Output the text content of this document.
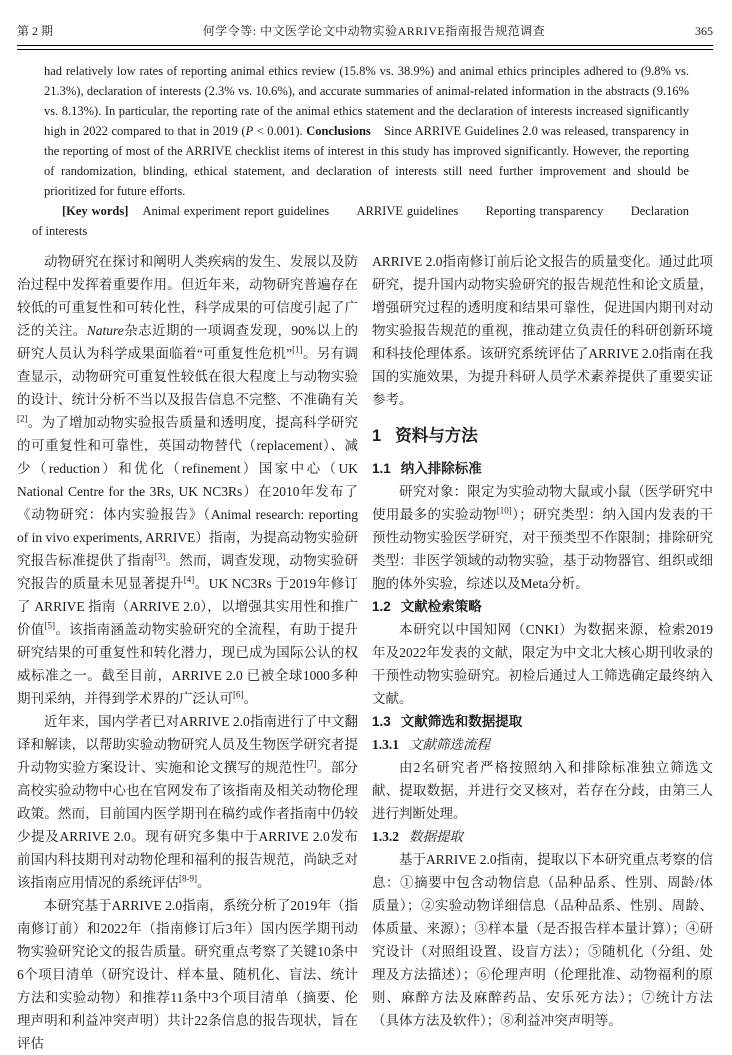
第 2 期	何学令等: 中文医学论文中动物实验ARRIVE指南报告规范调查	365

had relatively low rates of reporting animal ethics review (15.8% vs. 38.9%) and animal ethics principles adhered to (9.8% vs. 21.3%), declaration of interests (2.3% vs. 10.6%), and accurate summaries of animal-related information in the abstracts (9.16% vs. 8.13%). In particular, the reporting rate of the animal ethics statement and the declaration of interests increased significantly high in 2022 compared to that in 2019 (P < 0.001). Conclusions　Since ARRIVE Guidelines 2.0 was released, transparency in the reporting of most of the ARRIVE checklist items of interest in this study has improved significantly. However, the reporting of randomization, blinding, ethical statement, and declaration of interests still need further improvement and should be prioritized for future efforts.

[Key words]　Animal experiment report guidelines　　ARRIVE guidelines　　Reporting transparency　　Declaration of interests

动物研究在探讨和阐明人类疾病的发生、发展以及防治过程中发挥着重要作用。但近年来，动物研究普遍存在较低的可重复性和可转化性，科学成果的可信度引起了广泛的关注。Nature杂志近期的一项调查发现，90%以上的研究人员认为科学成果面临着“可重复性危机”[1]。另有调查显示，动物研究可重复性较低在很大程度上与动物实验的设计、统计分析不当以及报告信息不完整、不准确有关[2]。为了增加动物实验报告质量和透明度，提高科学研究的可重复性和可靠性，英国动物替代（replacement）、减少（reduction）和优化（refinement）国家中心（UK National Centre for the 3Rs, UK NC3Rs）在2010年发布了《动物研究：体内实验报告》（Animal research: reporting of in vivo experiments, ARRIVE）指南，为提高动物实验研究报告标准提供了指南[3]。然而，调查发现，动物实验研究报告的质量未见显著提升[4]。UK NC3Rs 于2019年修订了 ARRIVE 指南（ARRIVE 2.0），以增强其实用性和推广价值[5]。该指南涵盖动物实验研究的全流程，有助于提升研究结果的可重复性和转化潜力，现已成为国际公认的权威标准之一。截至目前，ARRIVE 2.0 已被全球1000多种期刊采纳，并得到学术界的广泛认可[6]。

近年来，国内学者已对ARRIVE 2.0指南进行了中文翻译和解读，以帮助实验动物研究人员及生物医学研究者提升动物实验方案设计、实施和论文撰写的规范性[7]。部分高校实验动物中心也在官网发布了该指南及相关动物伦理政策。然而，目前国内医学期刊在稿约或作者指南中仍较少提及ARRIVE 2.0。现有研究多集中于ARRIVE 2.0发布前国内科技期刊对动物伦理和福利的报告规范，尚缺乏对该指南应用情况的系统评估[8-9]。

本研究基于ARRIVE 2.0指南，系统分析了2019年（指南修订前）和2022年（指南修订后3年）国内医学期刊动物实验研究论文的报告质量。研究重点考察了关键10条中6个项目清单（研究设计、样本量、随机化、盲法、统计方法和实验动物）和推荐11条中3个项目清单（摘要、伦理声明和利益冲突声明）共计22条信息的报告现状，旨在评估

ARRIVE 2.0指南修订前后论文报告的质量变化。通过此项研究，提升国内动物实验研究的报告规范性和论文质量，增强研究过程的透明度和结果可靠性，促进国内期刊对动物实验报告规范的重视，推动建立负责任的科研创新环境和科技伦理体系。该研究系统评估了ARRIVE 2.0指南在我国的实施效果，为提升科研人员学术素养提供了重要实证参考。

1 资料与方法
1.1 纳入排除标准

研究对象：限定为实验动物大鼠或小鼠（医学研究中使用最多的实验动物[10]）；研究类型：纳入国内发表的干预性动物实验医学研究，对干预类型不作限制；排除研究类型：非医学领域的动物实验，基于动物器官、组织或细胞的体外实验，综述以及Meta分析。

1.2 文献检索策略

本研究以中国知网（CNKI）为数据来源，检索2019年及2022年发表的文献，限定为中文北大核心期刊收录的干预性动物实验研究。初检后通过人工筛选确定最终纳入文献。

1.3 文献筛选和数据提取
1.3.1 文献筛选流程

由2名研究者严格按照纳入和排除标准独立筛选文献、提取数据，并进行交叉核对，若存在分歧，由第三人进行判断处理。

1.3.2 数据提取

基于ARRIVE 2.0指南，提取以下本研究重点考察的信息：①摘要中包含动物信息（品种品系、性别、周龄/体质量）；②实验动物详细信息（品种品系、性别、周龄、体质量、来源）；③样本量（是否报告样本量计算）；④研究设计（对照组设置、设盲方法）；⑤随机化（分组、处理及方法描述）；⑥伦理声明（伦理批准、动物福利的原则、麻醉方法及麻醉药品、安乐死方法）；⑦统计方法（具体方法及软件）；⑧利益冲突声明等。
